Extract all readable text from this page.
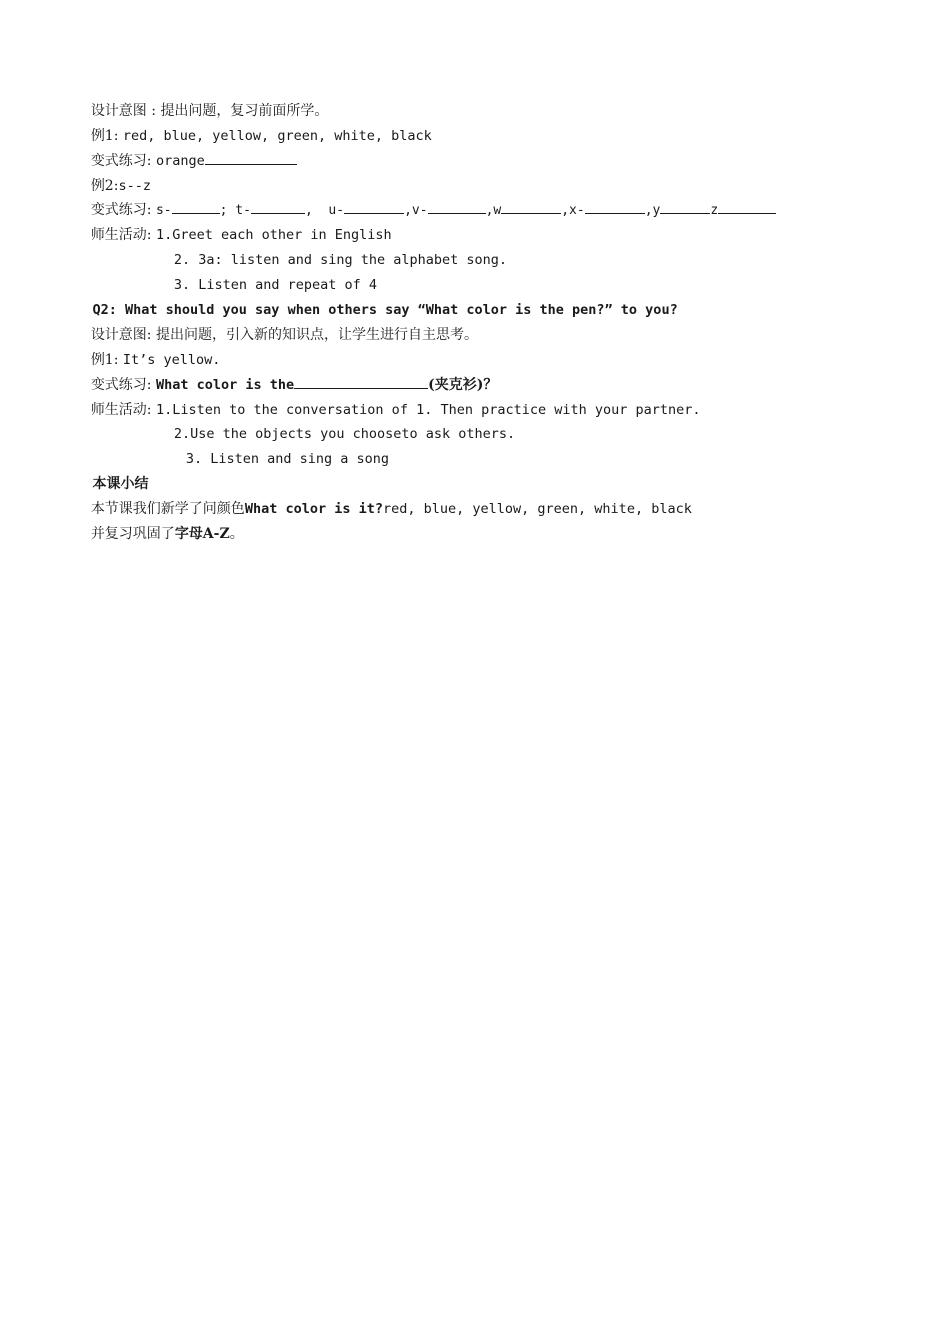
设计意图 : 提出问题，复习前面所学。

例1: red, blue, yellow, green, white, black

变式练习: orange

例2:s--z

变式练习: s-	; t-	,  u-	,v-	,w	,x-	,y	z

师生活动: 1.Greet each other in English

2. 3a: listen and sing the alphabet song.

3. Listen and repeat of 4

Q2: What should you say when others say “What color is the pen?” to you?

设计意图: 提出问题，引入新的知识点，让学生进行自主思考。

例1: It’s yellow.

变式练习: What color is the	(夹克衫)？

师生活动: 1.Listen to the conversation of 1. Then practice with your partner.

2.Use the objects you chooseto ask others.

3. Listen and sing a song

本课小结

本节课我们新学了问颜色What color is it?red, blue, yellow, green, white, black

并复习巩固了字母A-Z。
